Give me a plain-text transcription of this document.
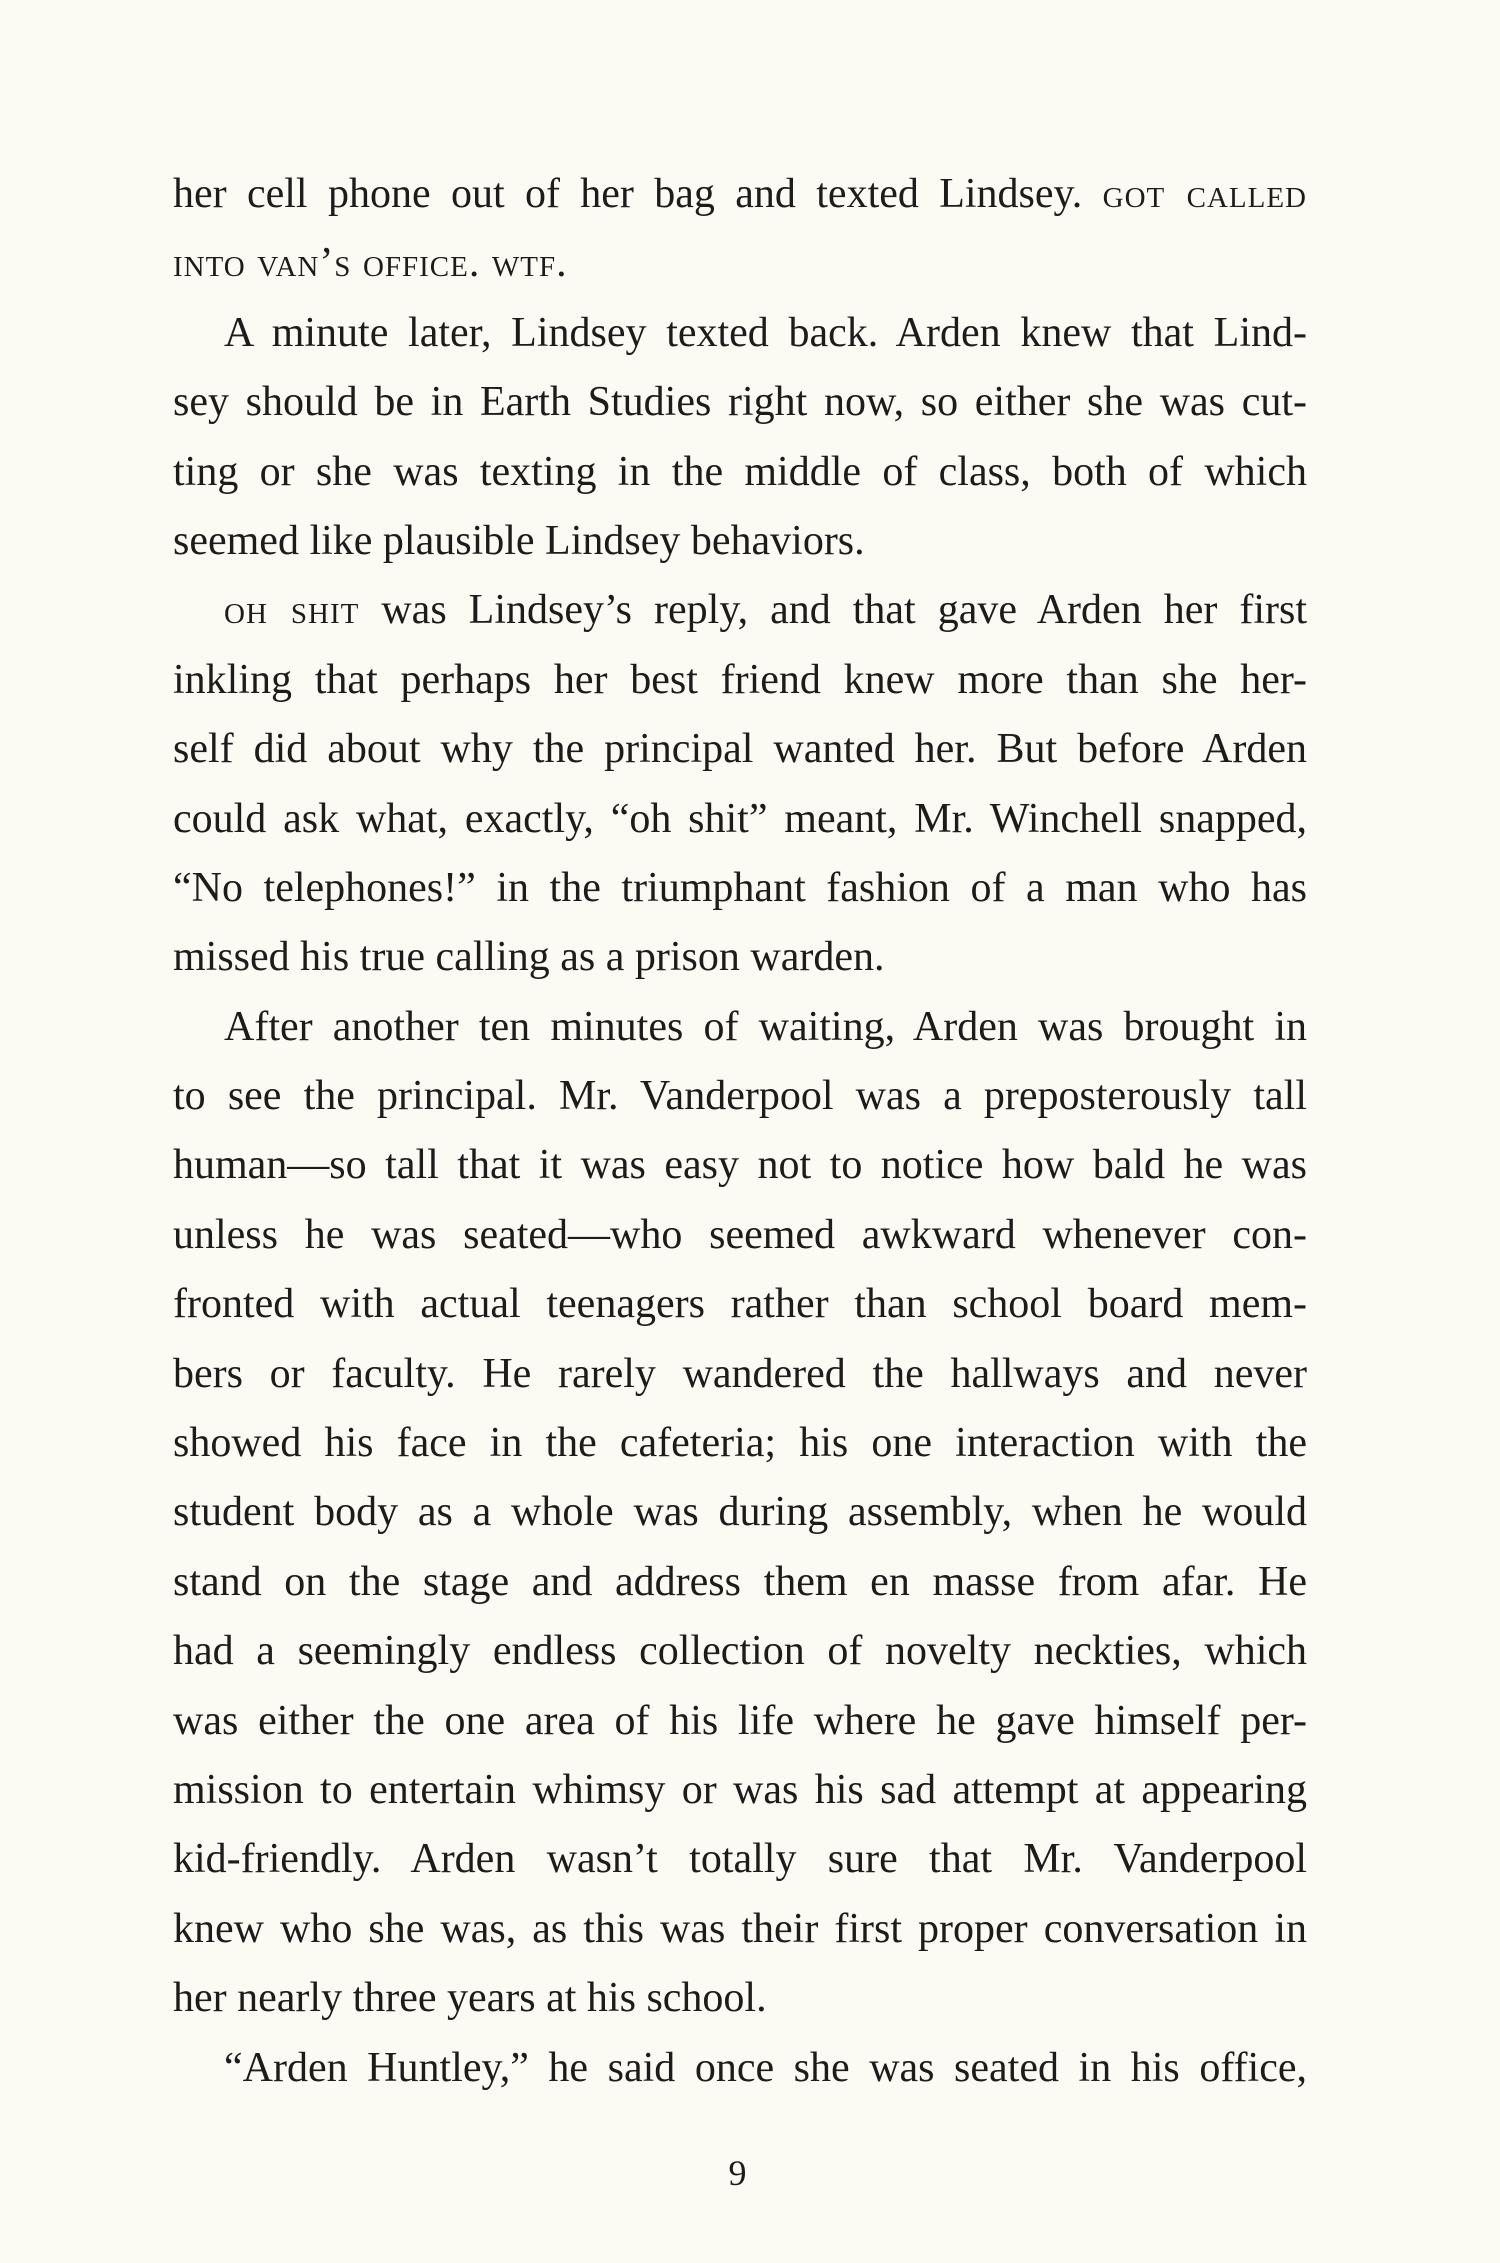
her cell phone out of her bag and texted Lindsey. got called
into van’s office. wtf.
A minute later, Lindsey texted back. Arden knew that Lind-
sey should be in Earth Studies right now, so either she was cut-
ting or she was texting in the middle of class, both of which
seemed like plausible Lindsey behaviors.
oh shit was Lindsey’s reply, and that gave Arden her first
inkling that perhaps her best friend knew more than she her-
self did about why the principal wanted her. But before Arden
could ask what, exactly, “oh shit” meant, Mr. Winchell snapped,
“No telephones!” in the triumphant fashion of a man who has
missed his true calling as a prison warden.
After another ten minutes of waiting, Arden was brought in
to see the principal. Mr. Vanderpool was a preposterously tall
human—so tall that it was easy not to notice how bald he was
unless he was seated—who seemed awkward whenever con-
fronted with actual teenagers rather than school board mem-
bers or faculty. He rarely wandered the hallways and never
showed his face in the cafeteria; his one interaction with the
student body as a whole was during assembly, when he would
stand on the stage and address them en masse from afar. He
had a seemingly endless collection of novelty neckties, which
was either the one area of his life where he gave himself per-
mission to entertain whimsy or was his sad attempt at appearing
kid-friendly. Arden wasn’t totally sure that Mr. Vanderpool
knew who she was, as this was their first proper conversation in
her nearly three years at his school.
“Arden Huntley,” he said once she was seated in his office,
9
